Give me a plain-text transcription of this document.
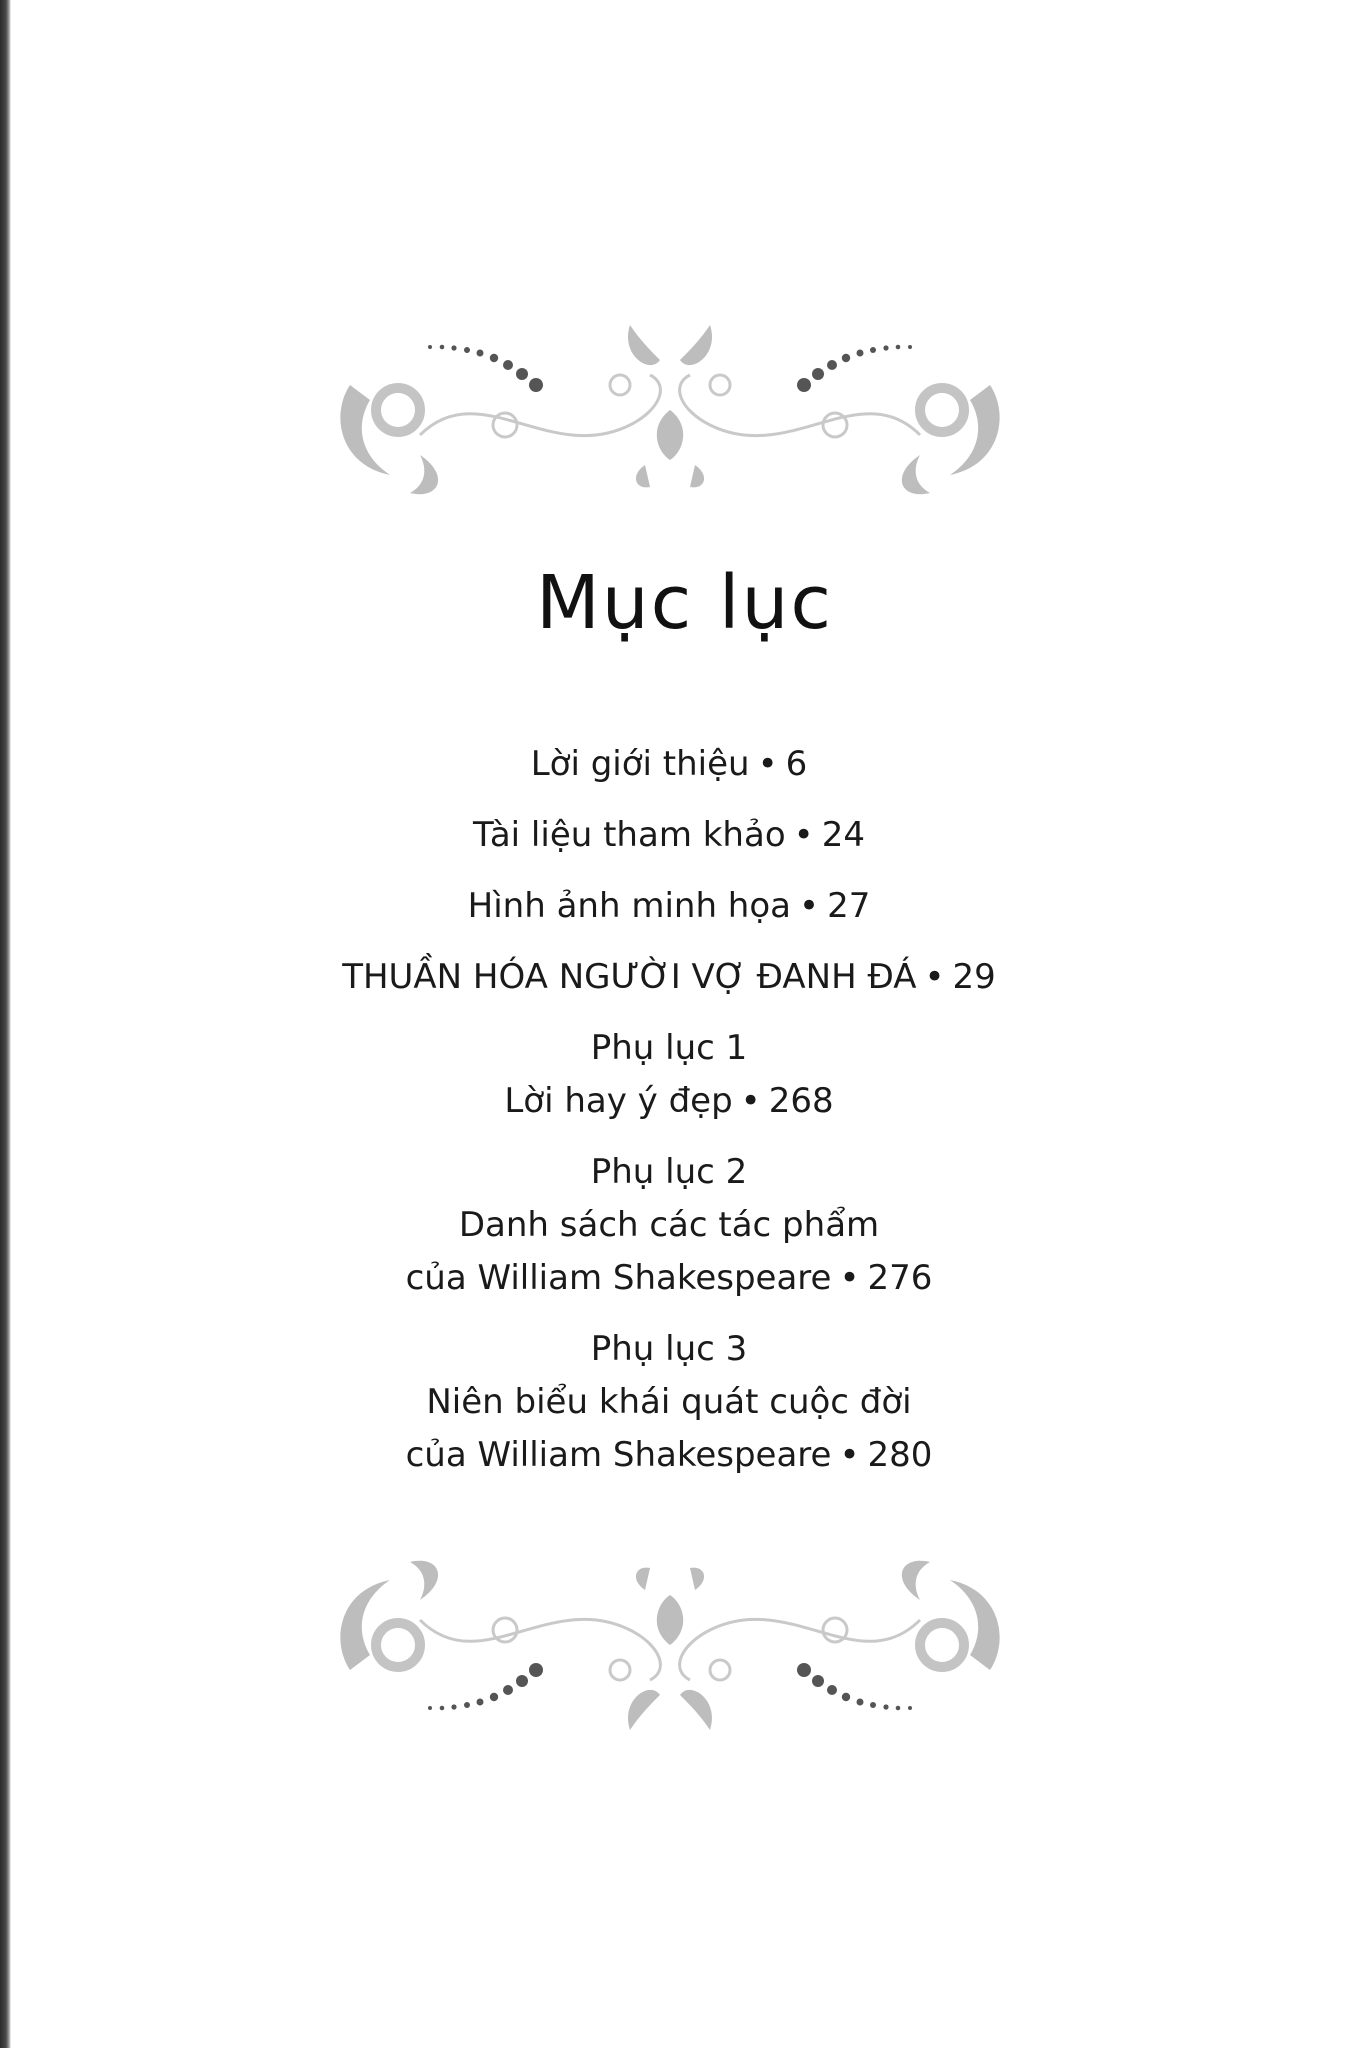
Mục lục
Lời giới thiệu • 6
Tài liệu tham khảo • 24
Hình ảnh minh họa • 27
THUẦN HÓA NGƯỜI VỢ ĐANH ĐÁ • 29
Phụ lục 1
Lời hay ý đẹp • 268
Phụ lục 2
Danh sách các tác phẩm
của William Shakespeare • 276
Phụ lục 3
Niên biểu khái quát cuộc đời
của William Shakespeare • 280
